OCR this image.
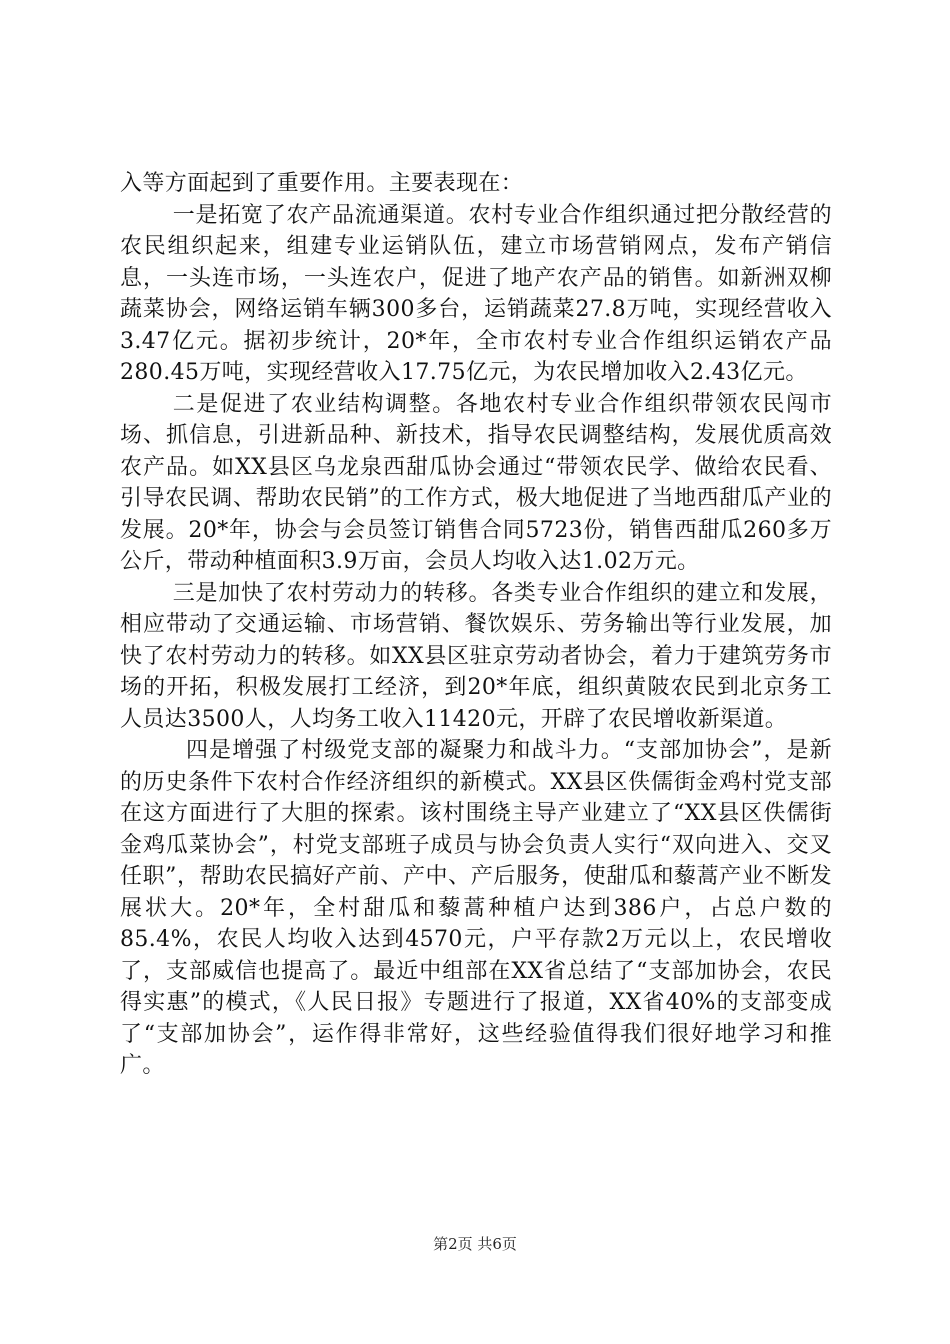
入等方面起到了重要作用。主要表现在：

一是拓宽了农产品流通渠道。农村专业合作组织通过把分散经营的农民组织起来，组建专业运销队伍，建立市场营销网点，发布产销信息，一头连市场，一头连农户，促进了地产农产品的销售。如新洲双柳蔬菜协会，网络运销车辆300多台，运销蔬菜27.8万吨，实现经营收入3.47亿元。据初步统计，20*年，全市农村专业合作组织运销农产品280.45万吨，实现经营收入17.75亿元，为农民增加收入2.43亿元。

二是促进了农业结构调整。各地农村专业合作组织带领农民闯市场、抓信息，引进新品种、新技术，指导农民调整结构，发展优质高效农产品。如XX县区乌龙泉西甜瓜协会通过“带领农民学、做给农民看、引导农民调、帮助农民销”的工作方式，极大地促进了当地西甜瓜产业的发展。20*年，协会与会员签订销售合同5723份，销售西甜瓜260多万公斤，带动种植面积3.9万亩，会员人均收入达1.02万元。

三是加快了农村劳动力的转移。各类专业合作组织的建立和发展，相应带动了交通运输、市场营销、餐饮娱乐、劳务输出等行业发展，加快了农村劳动力的转移。如XX县区驻京劳动者协会，着力于建筑劳务市场的开拓，积极发展打工经济，到20*年底，组织黄陂农民到北京务工人员达3500人，人均务工收入11420元，开辟了农民增收新渠道。

四是增强了村级党支部的凝聚力和战斗力。“支部加协会”，是新的历史条件下农村合作经济组织的新模式。XX县区佚儒街金鸡村党支部在这方面进行了大胆的探索。该村围绕主导产业建立了“XX县区佚儒街金鸡瓜菜协会”，村党支部班子成员与协会负责人实行“双向进入、交叉任职”，帮助农民搞好产前、产中、产后服务，使甜瓜和藜蒿产业不断发展状大。20*年，全村甜瓜和藜蒿种植户达到386户，占总户数的85.4%，农民人均收入达到4570元，户平存款2万元以上，农民增收了，支部威信也提高了。最近中组部在XX省总结了“支部加协会，农民得实惠”的模式，《人民日报》专题进行了报道，XX省40%的支部变成了“支部加协会”，运作得非常好，这些经验值得我们很好地学习和推广。

第2页 共6页
